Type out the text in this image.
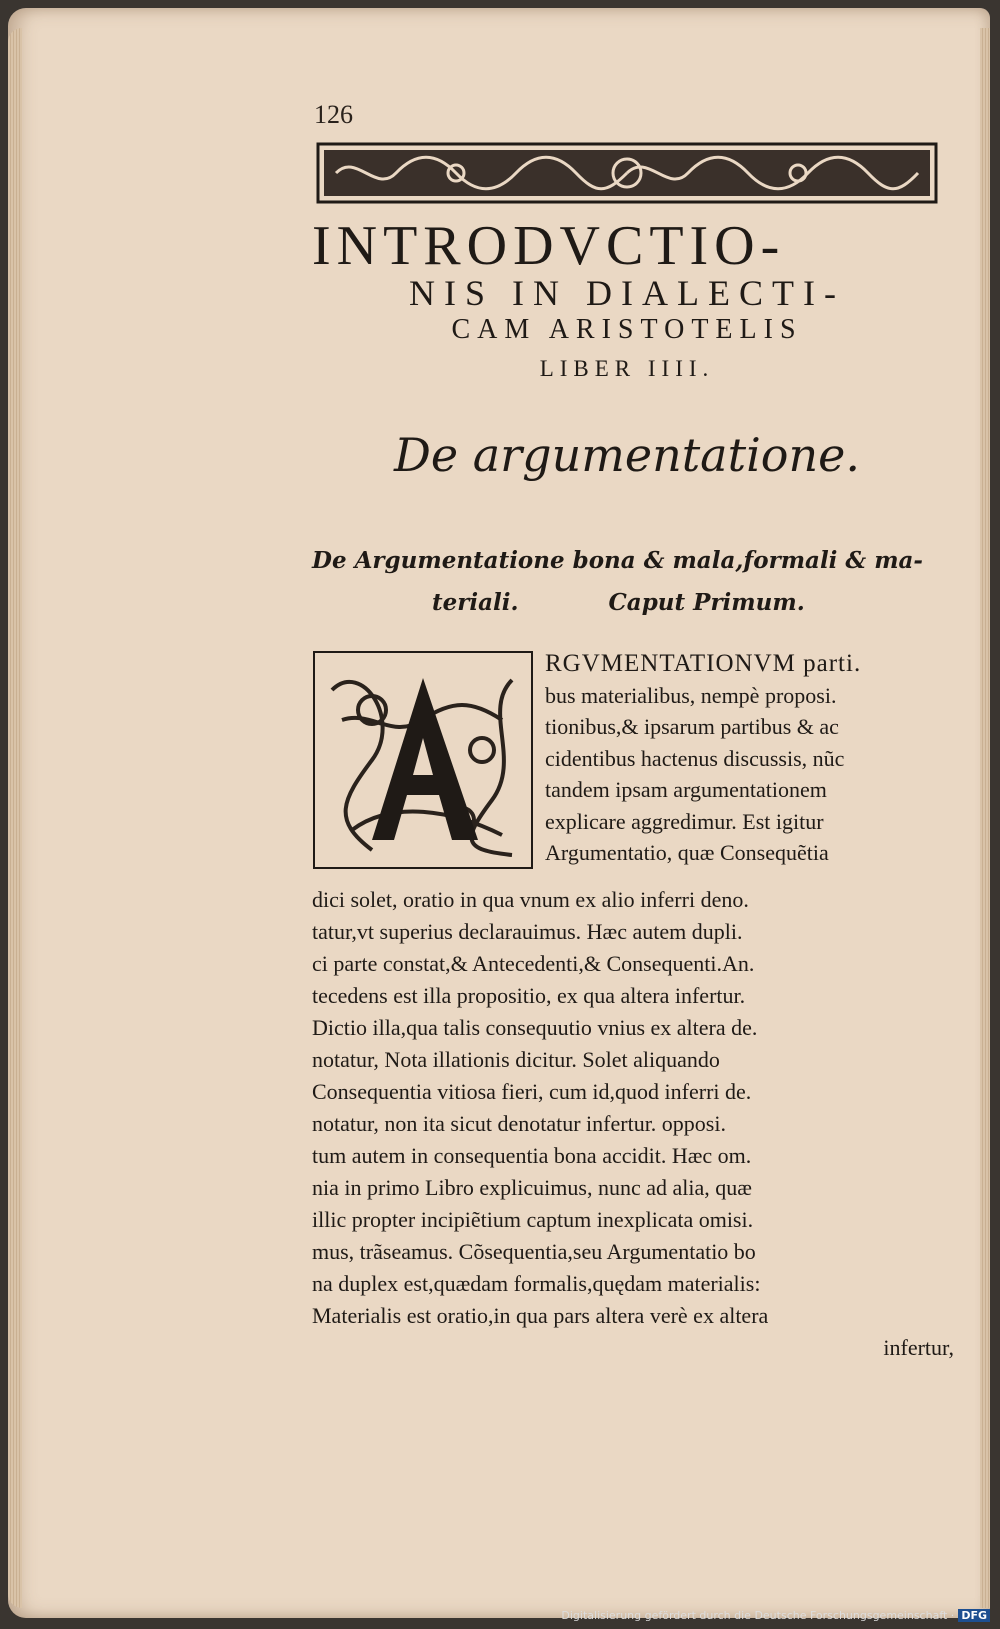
126
INTRODVCTIO-
NIS IN DIALECTI-
CAM ARISTOTELIS
LIBER IIII.
De argumentatione.
De Argumentatione bona & mala,formali & ma-
teriali.	Caput Primum.
RGVMENTATIONVM parti.
bus materialibus, nempè proposi.
tionibus,& ipsarum partibus & ac
cidentibus hactenus discussis, nũc
tandem ipsam argumentationem
explicare aggredimur. Est igitur
Argumentatio, quæ Consequẽtia
dici solet, oratio in qua vnum ex alio inferri deno.
tatur,vt superius declarauimus. Hæc autem dupli.
ci parte constat,& Antecedenti,& Consequenti.An.
tecedens est illa propositio, ex qua altera infertur.
Dictio illa,qua talis consequutio vnius ex altera de.
notatur, Nota illationis dicitur. Solet aliquando
Consequentia vitiosa fieri, cum id,quod inferri de.
notatur, non ita sicut denotatur infertur. opposi.
tum autem in consequentia bona accidit. Hæc om.
nia in primo Libro explicuimus, nunc ad alia, quæ
illic propter incipiẽtium captum inexplicata omisi.
mus, trãseamus. Cõsequentia,seu Argumentatio bo
na duplex est,quædam formalis,quędam materialis:
Materialis est oratio,in qua pars altera verè ex altera
infertur,
Digitalisierung gefördert durch die Deutsche Forschungsgemeinschaft · DFG
